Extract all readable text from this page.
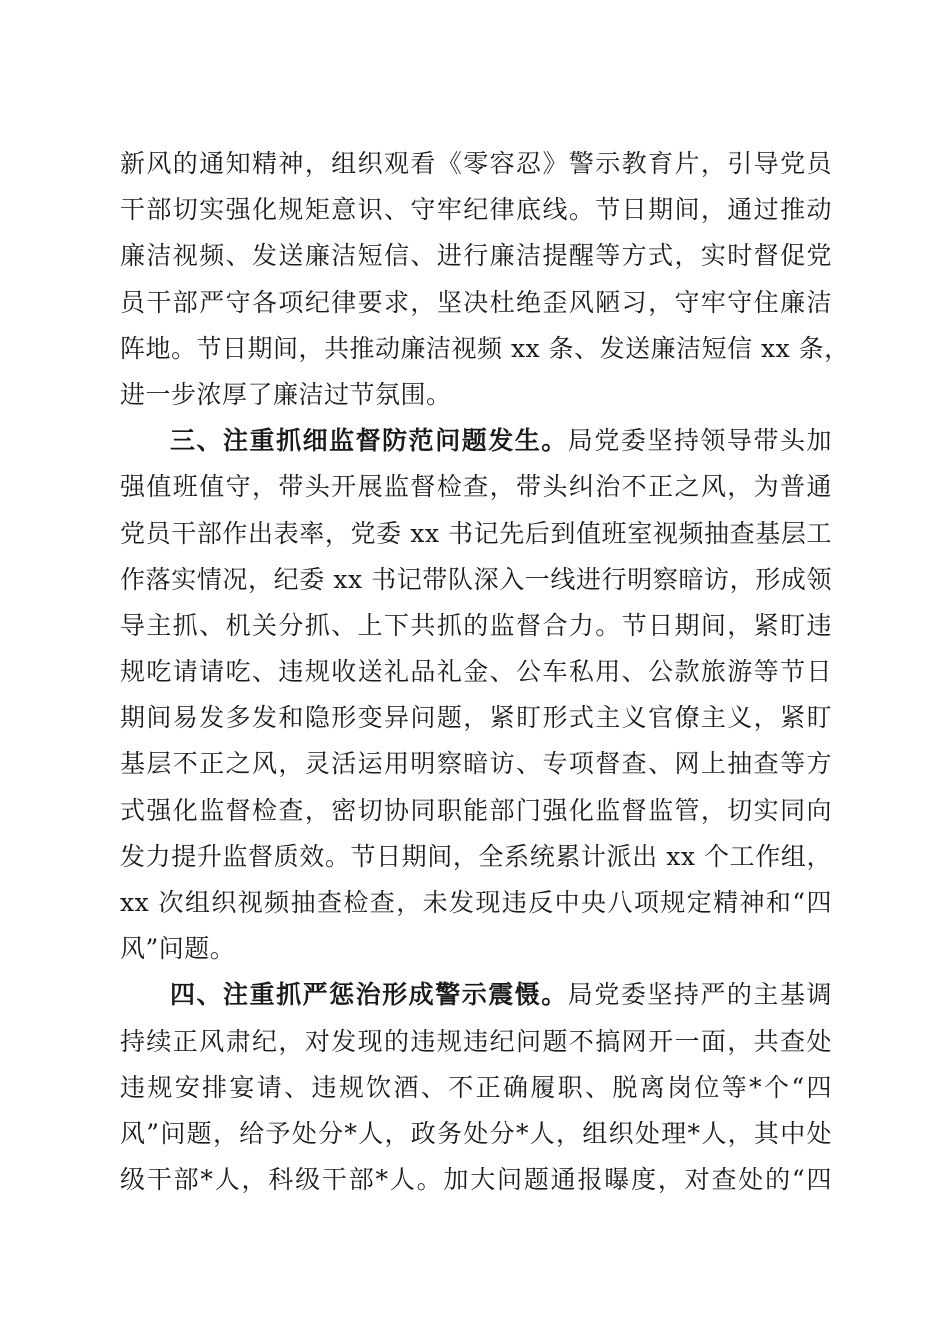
新风的通知精神，组织观看《零容忍》警示教育片，引导党员
干部切实强化规矩意识、守牢纪律底线。节日期间，通过推动
廉洁视频、发送廉洁短信、进行廉洁提醒等方式，实时督促党
员干部严守各项纪律要求，坚决杜绝歪风陋习，守牢守住廉洁
阵地。节日期间，共推动廉洁视频 xx 条、发送廉洁短信 xx 条，
进一步浓厚了廉洁过节氛围。
三、注重抓细监督防范问题发生。局党委坚持领导带头加
强值班值守，带头开展监督检查，带头纠治不正之风，为普通
党员干部作出表率，党委 xx 书记先后到值班室视频抽查基层工
作落实情况，纪委 xx 书记带队深入一线进行明察暗访，形成领
导主抓、机关分抓、上下共抓的监督合力。节日期间，紧盯违
规吃请请吃、违规收送礼品礼金、公车私用、公款旅游等节日
期间易发多发和隐形变异问题，紧盯形式主义官僚主义，紧盯
基层不正之风，灵活运用明察暗访、专项督查、网上抽查等方
式强化监督检查，密切协同职能部门强化监督监管，切实同向
发力提升监督质效。节日期间，全系统累计派出 xx 个工作组，
xx 次组织视频抽查检查，未发现违反中央八项规定精神和“四
风”问题。
四、注重抓严惩治形成警示震慑。局党委坚持严的主基调
持续正风肃纪，对发现的违规违纪问题不搞网开一面，共查处
违规安排宴请、违规饮酒、不正确履职、脱离岗位等*个“四
风”问题，给予处分*人，政务处分*人，组织处理*人，其中处
级干部*人，科级干部*人。加大问题通报曝度，对查处的“四
